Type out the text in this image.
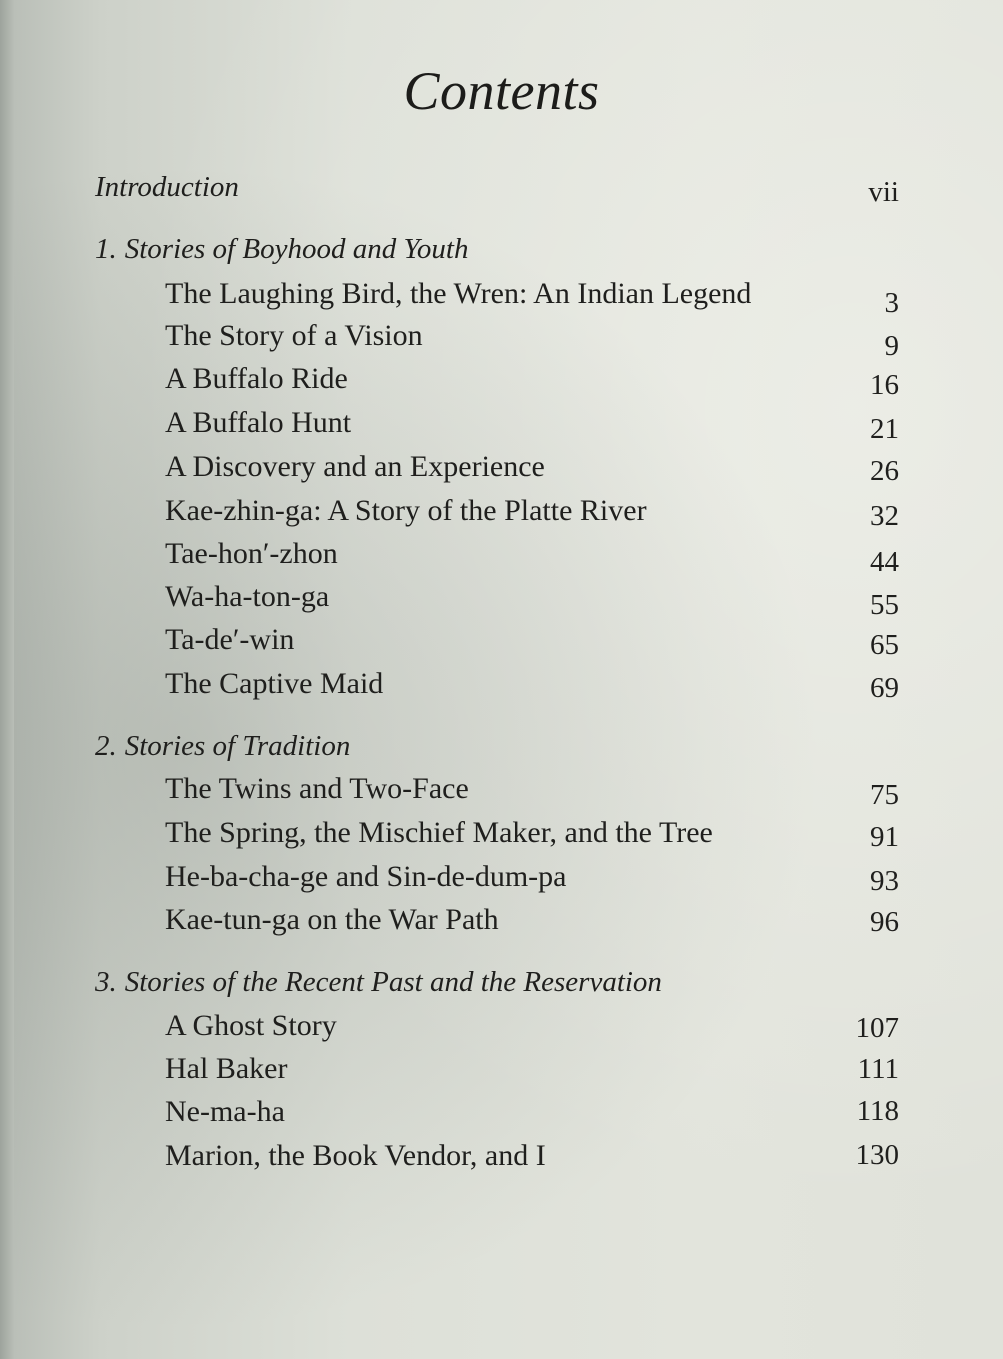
Contents
Introduction	vii
1. Stories of Boyhood and Youth
The Laughing Bird, the Wren: An Indian Legend	3
The Story of a Vision	9
A Buffalo Ride	16
A Buffalo Hunt	21
A Discovery and an Experience	26
Kae-zhin-ga: A Story of the Platte River	32
Tae-hon′-zhon	44
Wa-ha-ton-ga	55
Ta-de′-win	65
The Captive Maid	69
2. Stories of Tradition
The Twins and Two-Face	75
The Spring, the Mischief Maker, and the Tree	91
He-ba-cha-ge and Sin-de-dum-pa	93
Kae-tun-ga on the War Path	96
3. Stories of the Recent Past and the Reservation
A Ghost Story	107
Hal Baker	111
Ne-ma-ha	118
Marion, the Book Vendor, and I	130
